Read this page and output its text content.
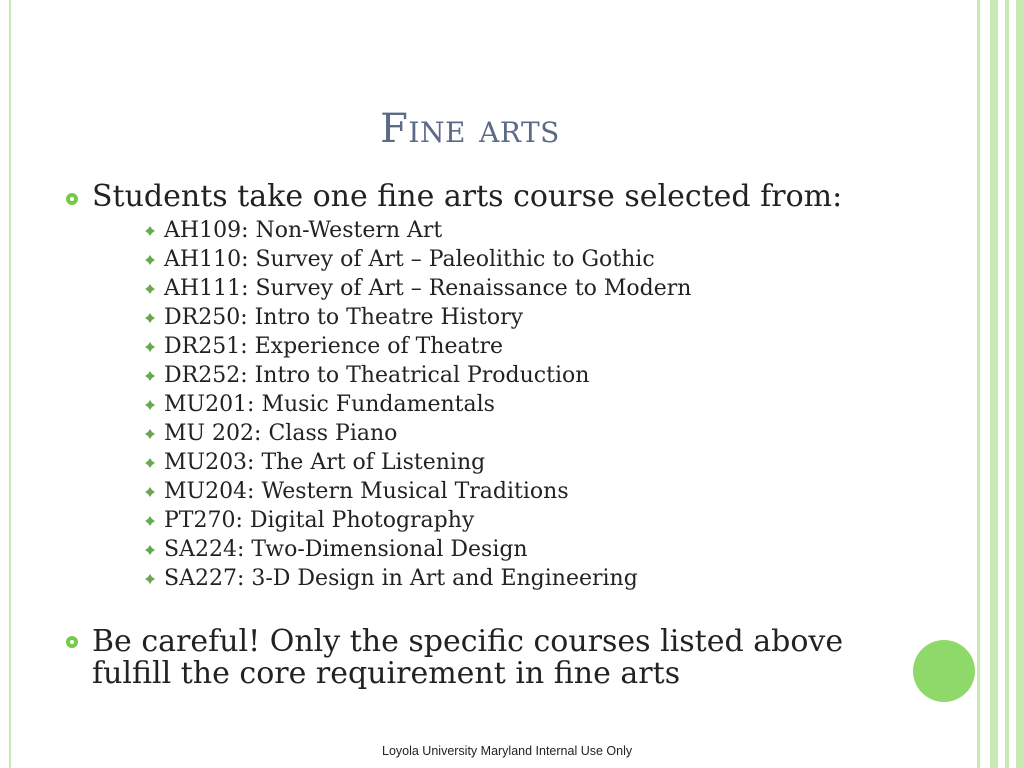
Fine arts
Students take one fine arts course selected from:
AH109: Non-Western Art
AH110: Survey of Art – Paleolithic to Gothic
AH111: Survey of Art – Renaissance to Modern
DR250: Intro to Theatre History
DR251: Experience of Theatre
DR252: Intro to Theatrical Production
MU201: Music Fundamentals
MU 202: Class Piano
MU203: The Art of Listening
MU204: Western Musical Traditions
PT270: Digital Photography
SA224: Two-Dimensional Design
SA227: 3-D Design in Art and Engineering
Be careful! Only the specific courses listed above fulfill the core requirement in fine arts
Loyola University Maryland Internal Use Only
